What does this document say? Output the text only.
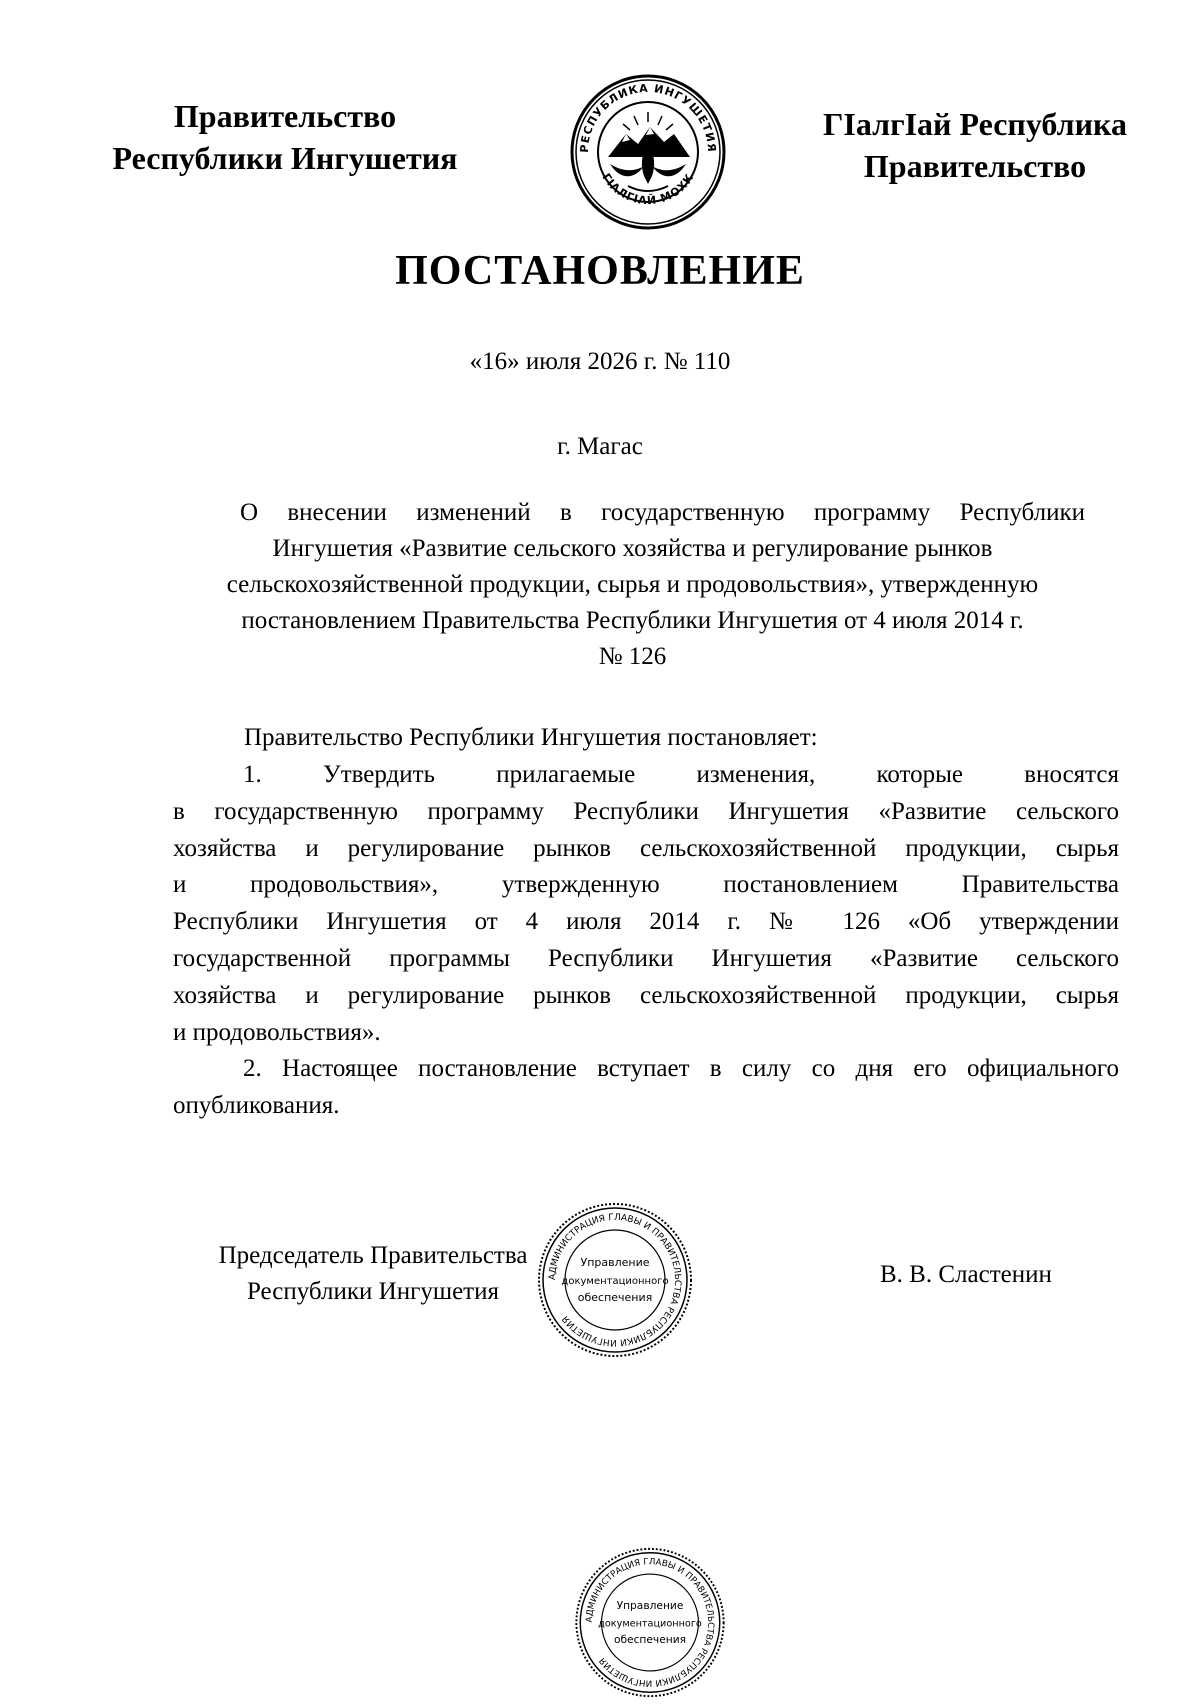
Правительство
Республики Ингушетия	РЕСПУБЛИКА ИНГУШЕТИЯ
ГӀАЛГӀАЙ МОХК
ГӀалгӀай Республика
Правительство
ПОСТАНОВЛЕНИЕ
«16» июля 2026 г. № 110
г. Магас
О внесении изменений в государственную программу Республики
Ингушетия «Развитие сельского хозяйства и регулирование рынков
сельскохозяйственной продукции, сырья и продовольствия», утвержденную
постановлением Правительства Республики Ингушетия от 4 июля 2014 г.
№ 126
Правительство Республики Ингушетия постановляет:
1. Утвердить прилагаемые изменения, которые вносятся
в государственную программу Республики Ингушетия «Развитие сельского
хозяйства и регулирование рынков сельскохозяйственной продукции, сырья
и продовольствия», утвержденную постановлением Правительства
Республики Ингушетия от 4 июля 2014 г. № 126 «Об утверждении
государственной программы Республики Ингушетия «Развитие сельского
хозяйства и регулирование рынков сельскохозяйственной продукции, сырья
и продовольствия».
2. Настоящее постановление вступает в силу со дня его официального
опубликования.
Председатель Правительства
Республики Ингушетия
АДМИНИСТРАЦИЯ ГЛАВЫ И ПРАВИТЕЛЬСТВА РЕСПУБЛИКИ ИНГУШЕТИЯ
Управление
документационного
обеспечения
В. В. Сластенин
АДМИНИСТРАЦИЯ ГЛАВЫ И ПРАВИТЕЛЬСТВА РЕСПУБЛИКИ ИНГУШЕТИЯ
Управление
документационного
обеспечения
